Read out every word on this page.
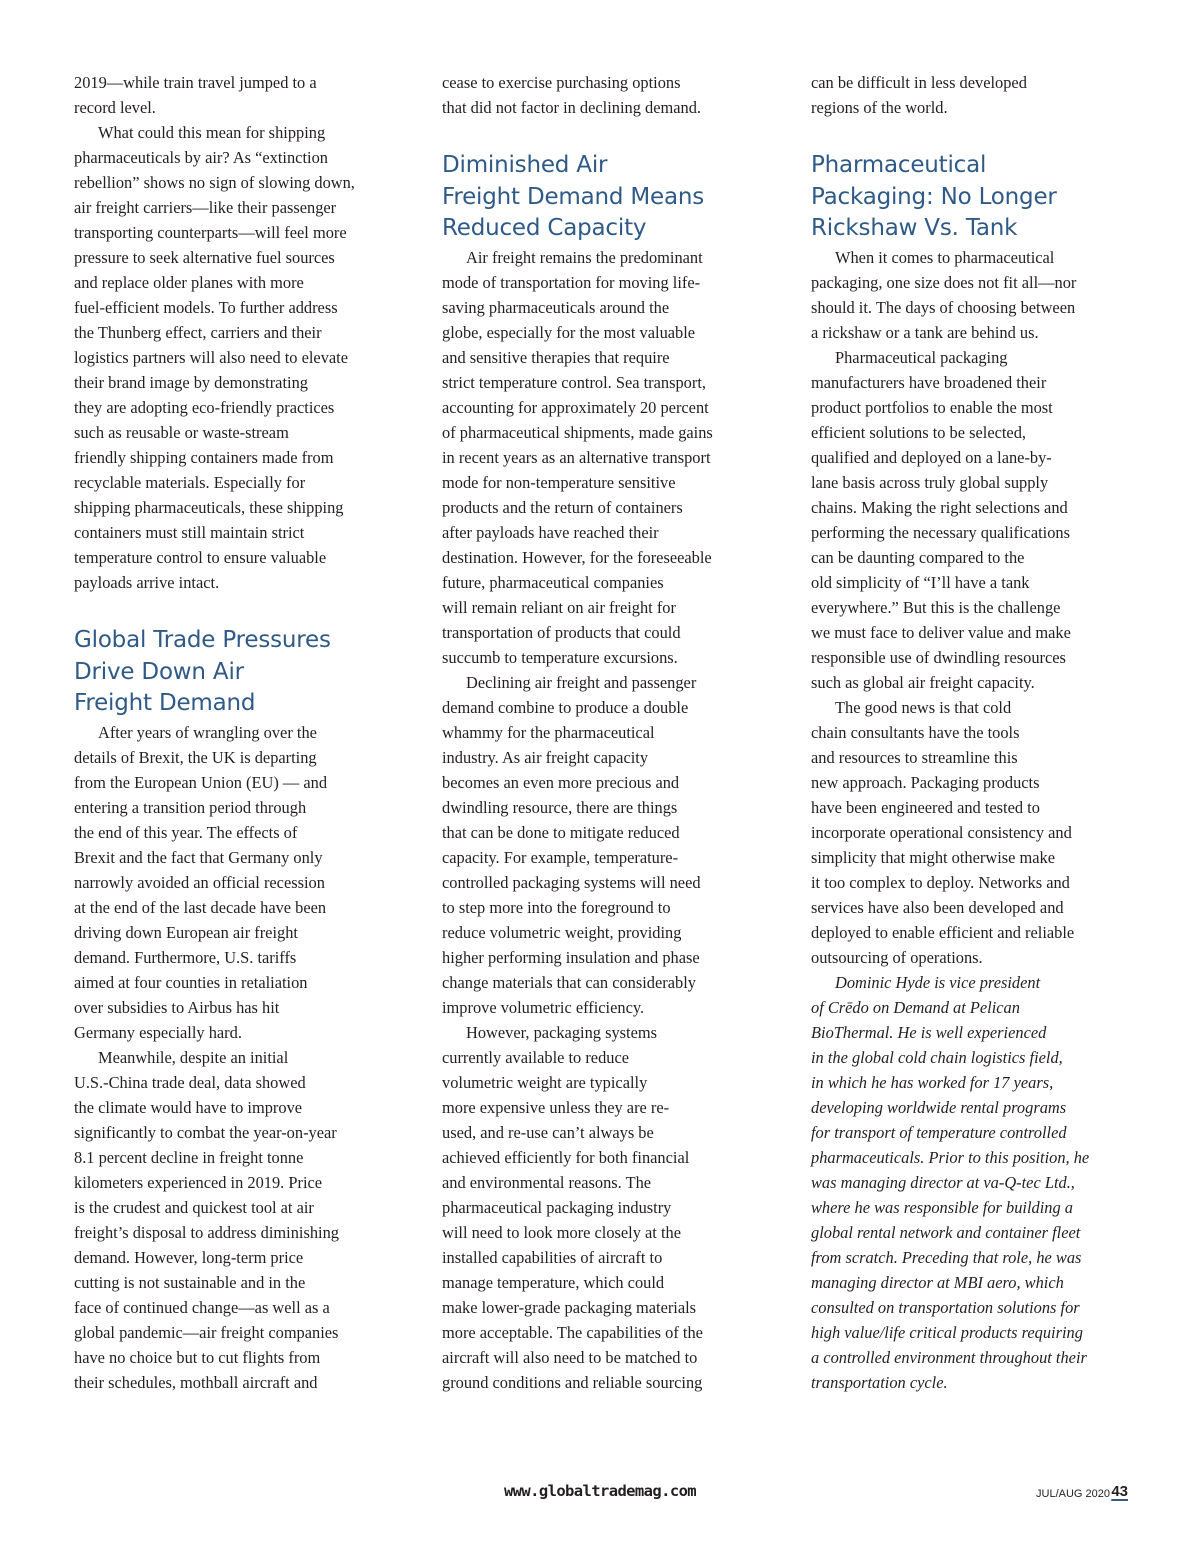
2019—while train travel jumped to a
record level.

What could this mean for shipping
pharmaceuticals by air? As “extinction
rebellion” shows no sign of slowing down,
air freight carriers—like their passenger
transporting counterparts—will feel more
pressure to seek alternative fuel sources
and replace older planes with more
fuel-efficient models. To further address
the Thunberg effect, carriers and their
logistics partners will also need to elevate
their brand image by demonstrating
they are adopting eco-friendly practices
such as reusable or waste-stream
friendly shipping containers made from
recyclable materials. Especially for
shipping pharmaceuticals, these shipping
containers must still maintain strict
temperature control to ensure valuable
payloads arrive intact.

Global Trade Pressures
Drive Down Air
Freight Demand

After years of wrangling over the
details of Brexit, the UK is departing
from the European Union (EU) — and
entering a transition period through
the end of this year. The effects of
Brexit and the fact that Germany only
narrowly avoided an official recession
at the end of the last decade have been
driving down European air freight
demand. Furthermore, U.S. tariffs
aimed at four counties in retaliation
over subsidies to Airbus has hit
Germany especially hard.

Meanwhile, despite an initial
U.S.-China trade deal, data showed
the climate would have to improve
significantly to combat the year-on-year
8.1 percent decline in freight tonne
kilometers experienced in 2019. Price
is the crudest and quickest tool at air
freight’s disposal to address diminishing
demand. However, long-term price
cutting is not sustainable and in the
face of continued change—as well as a
global pandemic—air freight companies
have no choice but to cut flights from
their schedules, mothball aircraft and

cease to exercise purchasing options
that did not factor in declining demand.

Diminished Air
Freight Demand Means
Reduced Capacity

Air freight remains the predominant
mode of transportation for moving life-
saving pharmaceuticals around the
globe, especially for the most valuable
and sensitive therapies that require
strict temperature control. Sea transport,
accounting for approximately 20 percent
of pharmaceutical shipments, made gains
in recent years as an alternative transport
mode for non-temperature sensitive
products and the return of containers
after payloads have reached their
destination. However, for the foreseeable
future, pharmaceutical companies
will remain reliant on air freight for
transportation of products that could
succumb to temperature excursions.

Declining air freight and passenger
demand combine to produce a double
whammy for the pharmaceutical
industry. As air freight capacity
becomes an even more precious and
dwindling resource, there are things
that can be done to mitigate reduced
capacity. For example, temperature-
controlled packaging systems will need
to step more into the foreground to
reduce volumetric weight, providing
higher performing insulation and phase
change materials that can considerably
improve volumetric efficiency.

However, packaging systems
currently available to reduce
volumetric weight are typically
more expensive unless they are re-
used, and re-use can’t always be
achieved efficiently for both financial
and environmental reasons. The
pharmaceutical packaging industry
will need to look more closely at the
installed capabilities of aircraft to
manage temperature, which could
make lower-grade packaging materials
more acceptable. The capabilities of the
aircraft will also need to be matched to
ground conditions and reliable sourcing

can be difficult in less developed
regions of the world.

Pharmaceutical
Packaging: No Longer
Rickshaw Vs. Tank

When it comes to pharmaceutical
packaging, one size does not fit all—nor
should it. The days of choosing between
a rickshaw or a tank are behind us.

Pharmaceutical packaging
manufacturers have broadened their
product portfolios to enable the most
efficient solutions to be selected,
qualified and deployed on a lane-by-
lane basis across truly global supply
chains. Making the right selections and
performing the necessary qualifications
can be daunting compared to the
old simplicity of “I’ll have a tank
everywhere.” But this is the challenge
we must face to deliver value and make
responsible use of dwindling resources
such as global air freight capacity.

The good news is that cold
chain consultants have the tools
and resources to streamline this
new approach. Packaging products
have been engineered and tested to
incorporate operational consistency and
simplicity that might otherwise make
it too complex to deploy. Networks and
services have also been developed and
deployed to enable efficient and reliable
outsourcing of operations.

Dominic Hyde is vice president
of Crēdo on Demand at Pelican
BioThermal. He is well experienced
in the global cold chain logistics field,
in which he has worked for 17 years,
developing worldwide rental programs
for transport of temperature controlled
pharmaceuticals. Prior to this position, he
was managing director at va-Q-tec Ltd.,
where he was responsible for building a
global rental network and container fleet
from scratch. Preceding that role, he was
managing director at MBI aero, which
consulted on transportation solutions for
high value/life critical products requiring
a controlled environment throughout their
transportation cycle.

www.globaltrademag.com	JUL/AUG 2020 43
